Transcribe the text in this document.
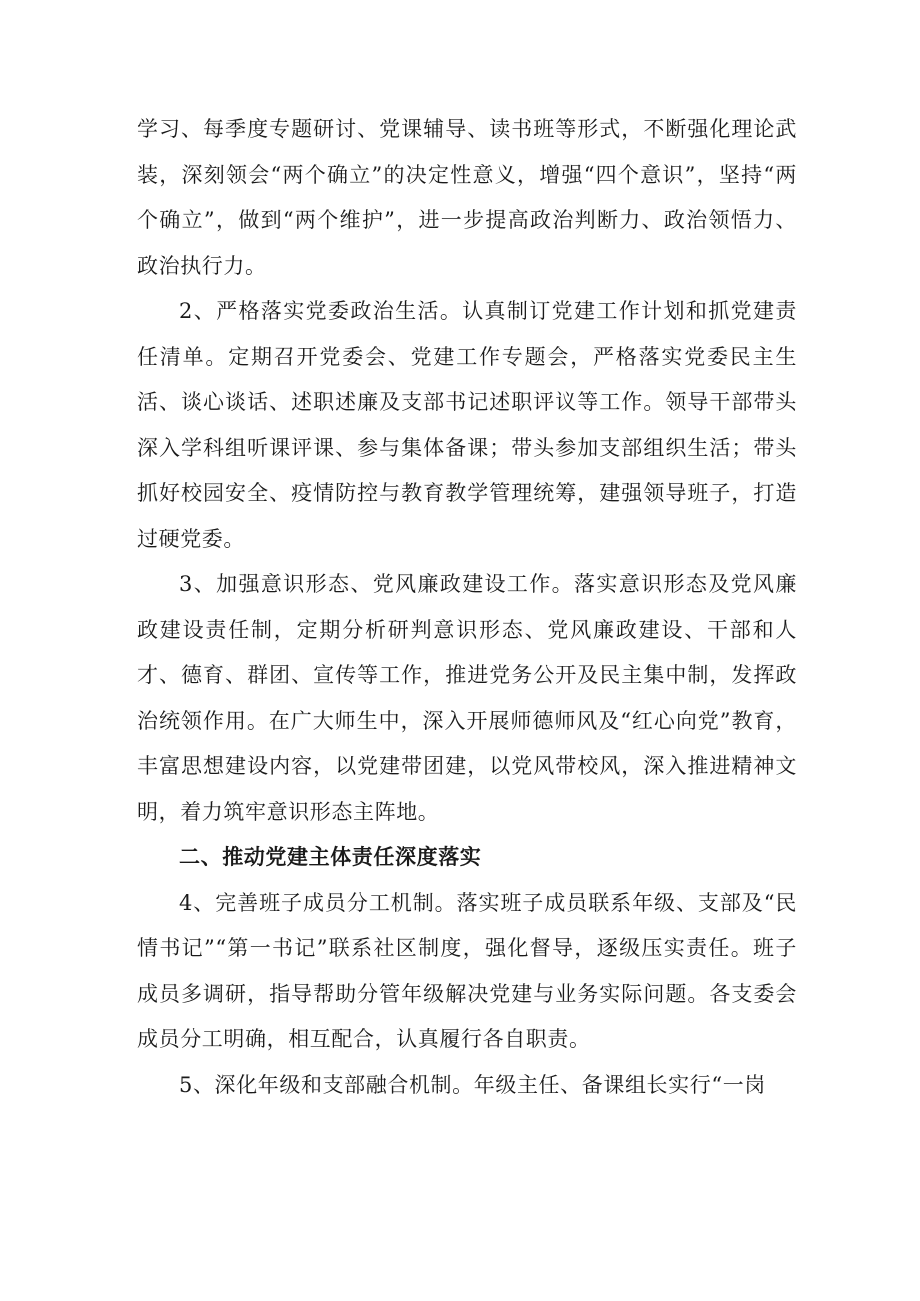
学习、每季度专题研讨、党课辅导、读书班等形式，不断强化理论武装，深刻领会“两个确立”的决定性意义，增强“四个意识”，坚持“两个确立”，做到“两个维护”，进一步提高政治判断力、政治领悟力、政治执行力。

2、严格落实党委政治生活。认真制订党建工作计划和抓党建责任清单。定期召开党委会、党建工作专题会，严格落实党委民主生活、谈心谈话、述职述廉及支部书记述职评议等工作。领导干部带头深入学科组听课评课、参与集体备课；带头参加支部组织生活；带头抓好校园安全、疫情防控与教育教学管理统筹，建强领导班子，打造过硬党委。

3、加强意识形态、党风廉政建设工作。落实意识形态及党风廉政建设责任制，定期分析研判意识形态、党风廉政建设、干部和人才、德育、群团、宣传等工作，推进党务公开及民主集中制，发挥政治统领作用。在广大师生中，深入开展师德师风及“红心向党”教育，丰富思想建设内容，以党建带团建，以党风带校风，深入推进精神文明，着力筑牢意识形态主阵地。

二、推动党建主体责任深度落实

4、完善班子成员分工机制。落实班子成员联系年级、支部及“民情书记”“第一书记”联系社区制度，强化督导，逐级压实责任。班子成员多调研，指导帮助分管年级解决党建与业务实际问题。各支委会成员分工明确，相互配合，认真履行各自职责。

5、深化年级和支部融合机制。年级主任、备课组长实行“一岗
